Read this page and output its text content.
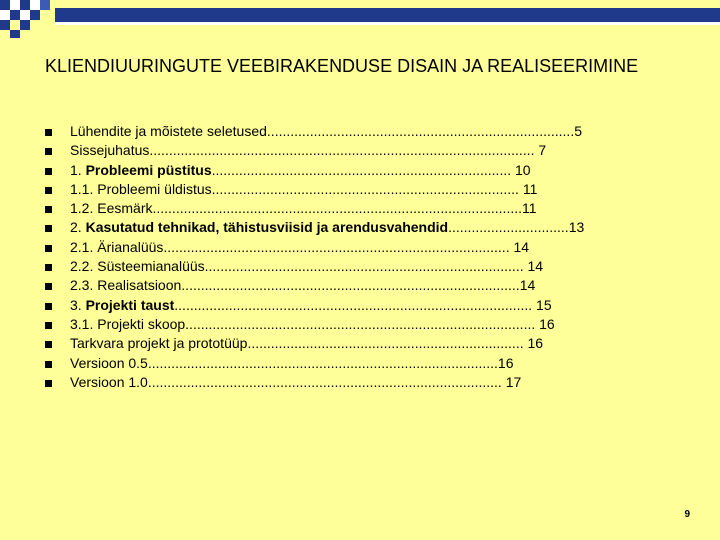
KLIENDIUURINGUTE VEEBIRAKENDUSE DISAIN JA REALISEERIMINE
Lühendite ja mõistete seletused...............................................................................5
Sissejuhatus................................................................................................... 7
1. Probleemi püstitus............................................................................. 10
1.1. Probleemi üldistus............................................................................... 11
1.2. Eesmärk...............................................................................................11
2. Kasutatud tehnikad, tähistusviisid ja arendusvahendid...............................13
2.1. Ärianalüüs......................................................................................... 14
2.2. Süsteemianalüüs.................................................................................. 14
2.3. Realisatsioon.......................................................................................14
3. Projekti taust............................................................................................ 15
3.1. Projekti skoop.......................................................................................... 16
Tarkvara projekt ja prototüüp....................................................................... 16
Versioon 0.5..........................................................................................16
Versioon 1.0........................................................................................... 17
9
